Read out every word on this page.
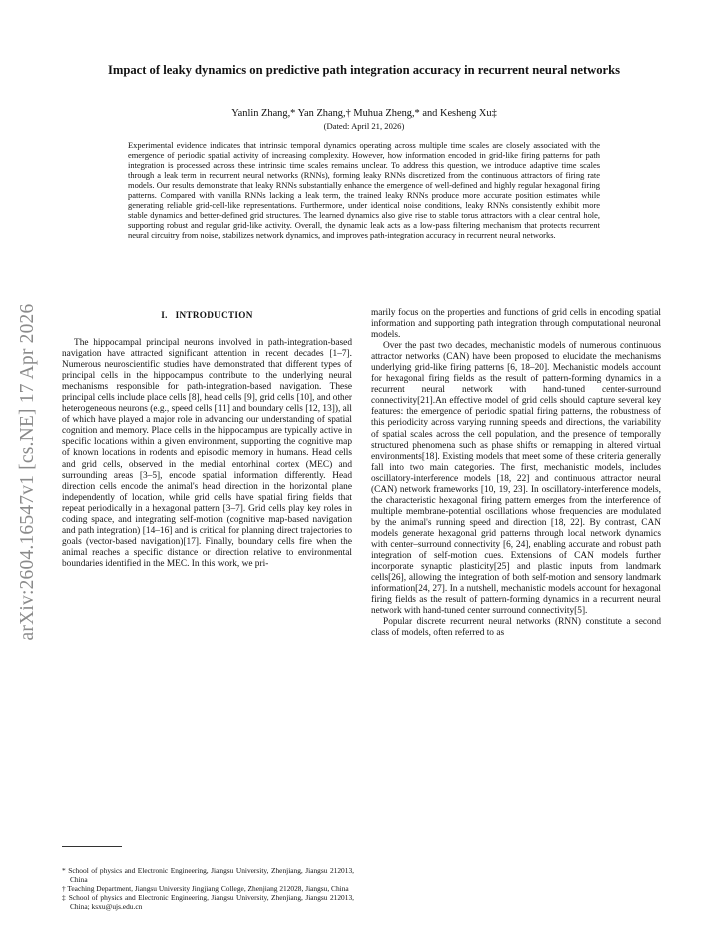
arXiv:2604.16547v1 [cs.NE] 17 Apr 2026
Impact of leaky dynamics on predictive path integration accuracy in recurrent neural networks
Yanlin Zhang,* Yan Zhang,† Muhua Zheng,* and Kesheng Xu‡
(Dated: April 21, 2026)

Experimental evidence indicates that intrinsic temporal dynamics operating across multiple time scales are closely associated with the emergence of periodic spatial activity of increasing complexity. However, how information encoded in grid-like firing patterns for path integration is processed across these intrinsic time scales remains unclear. To address this question, we introduce adaptive time scales through a leak term in recurrent neural networks (RNNs), forming leaky RNNs discretized from the continuous attractors of firing rate models. Our results demonstrate that leaky RNNs substantially enhance the emergence of well-defined and highly regular hexagonal firing patterns. Compared with vanilla RNNs lacking a leak term, the trained leaky RNNs produce more accurate position estimates while generating reliable grid-cell-like representations. Furthermore, under identical noise conditions, leaky RNNs consistently exhibit more stable dynamics and better-defined grid structures. The learned dynamics also give rise to stable torus attractors with a clear central hole, supporting robust and regular grid-like activity. Overall, the dynamic leak acts as a low-pass filtering mechanism that protects recurrent neural circuitry from noise, stabilizes network dynamics, and improves path-integration accuracy in recurrent neural networks.

I. INTRODUCTION

The hippocampal principal neurons involved in path-integration-based navigation have attracted significant attention in recent decades [1–7]. Numerous neuroscientific studies have demonstrated that different types of principal cells in the hippocampus contribute to the underlying neural mechanisms responsible for path-integration-based navigation. These principal cells include place cells [8], head cells [9], grid cells [10], and other heterogeneous neurons (e.g., speed cells [11] and boundary cells [12, 13]), all of which have played a major role in advancing our understanding of spatial cognition and memory. Place cells in the hippocampus are typically active in specific locations within a given environment, supporting the cognitive map of known locations in rodents and episodic memory in humans. Head cells and grid cells, observed in the medial entorhinal cortex (MEC) and surrounding areas [3–5], encode spatial information differently. Head direction cells encode the animal's head direction in the horizontal plane independently of location, while grid cells have spatial firing fields that repeat periodically in a hexagonal pattern [3–7]. Grid cells play key roles in coding space, and integrating self-motion (cognitive map-based navigation and path integration) [14–16] and is critical for planning direct trajectories to goals (vector-based navigation)[17]. Finally, boundary cells fire when the animal reaches a specific distance or direction relative to environmental boundaries identified in the MEC. In this work, we pri-

marily focus on the properties and functions of grid cells in encoding spatial information and supporting path integration through computational neuronal models.

Over the past two decades, mechanistic models of numerous continuous attractor networks (CAN) have been proposed to elucidate the mechanisms underlying grid-like firing patterns [6, 18–20]. Mechanistic models account for hexagonal firing fields as the result of pattern-forming dynamics in a recurrent neural network with hand-tuned center-surround connectivity[21].An effective model of grid cells should capture several key features: the emergence of periodic spatial firing patterns, the robustness of this periodicity across varying running speeds and directions, the variability of spatial scales across the cell population, and the presence of temporally structured phenomena such as phase shifts or remapping in altered virtual environments[18]. Existing models that meet some of these criteria generally fall into two main categories. The first, mechanistic models, includes oscillatory-interference models [18, 22] and continuous attractor neural (CAN) network frameworks [10, 19, 23]. In oscillatory-interference models, the characteristic hexagonal firing pattern emerges from the interference of multiple membrane-potential oscillations whose frequencies are modulated by the animal's running speed and direction [18, 22]. By contrast, CAN models generate hexagonal grid patterns through local network dynamics with center–surround connectivity [6, 24], enabling accurate and robust path integration of self-motion cues. Extensions of CAN models further incorporate synaptic plasticity[25] and plastic inputs from landmark cells[26], allowing the integration of both self-motion and sensory landmark information[24, 27]. In a nutshell, mechanistic models account for hexagonal firing fields as the result of pattern-forming dynamics in a recurrent neural network with hand-tuned center surround connectivity[5].

Popular discrete recurrent neural networks (RNN) constitute a second class of models, often referred to as

* School of physics and Electronic Engineering, Jiangsu University, Zhenjiang, Jiangsu 212013, China

† Teaching Department, Jiangsu University Jingjiang College, Zhenjiang 212028, Jiangsu, China

‡ School of physics and Electronic Engineering, Jiangsu University, Zhenjiang, Jiangsu 212013, China; ksxu@ujs.edu.cn
